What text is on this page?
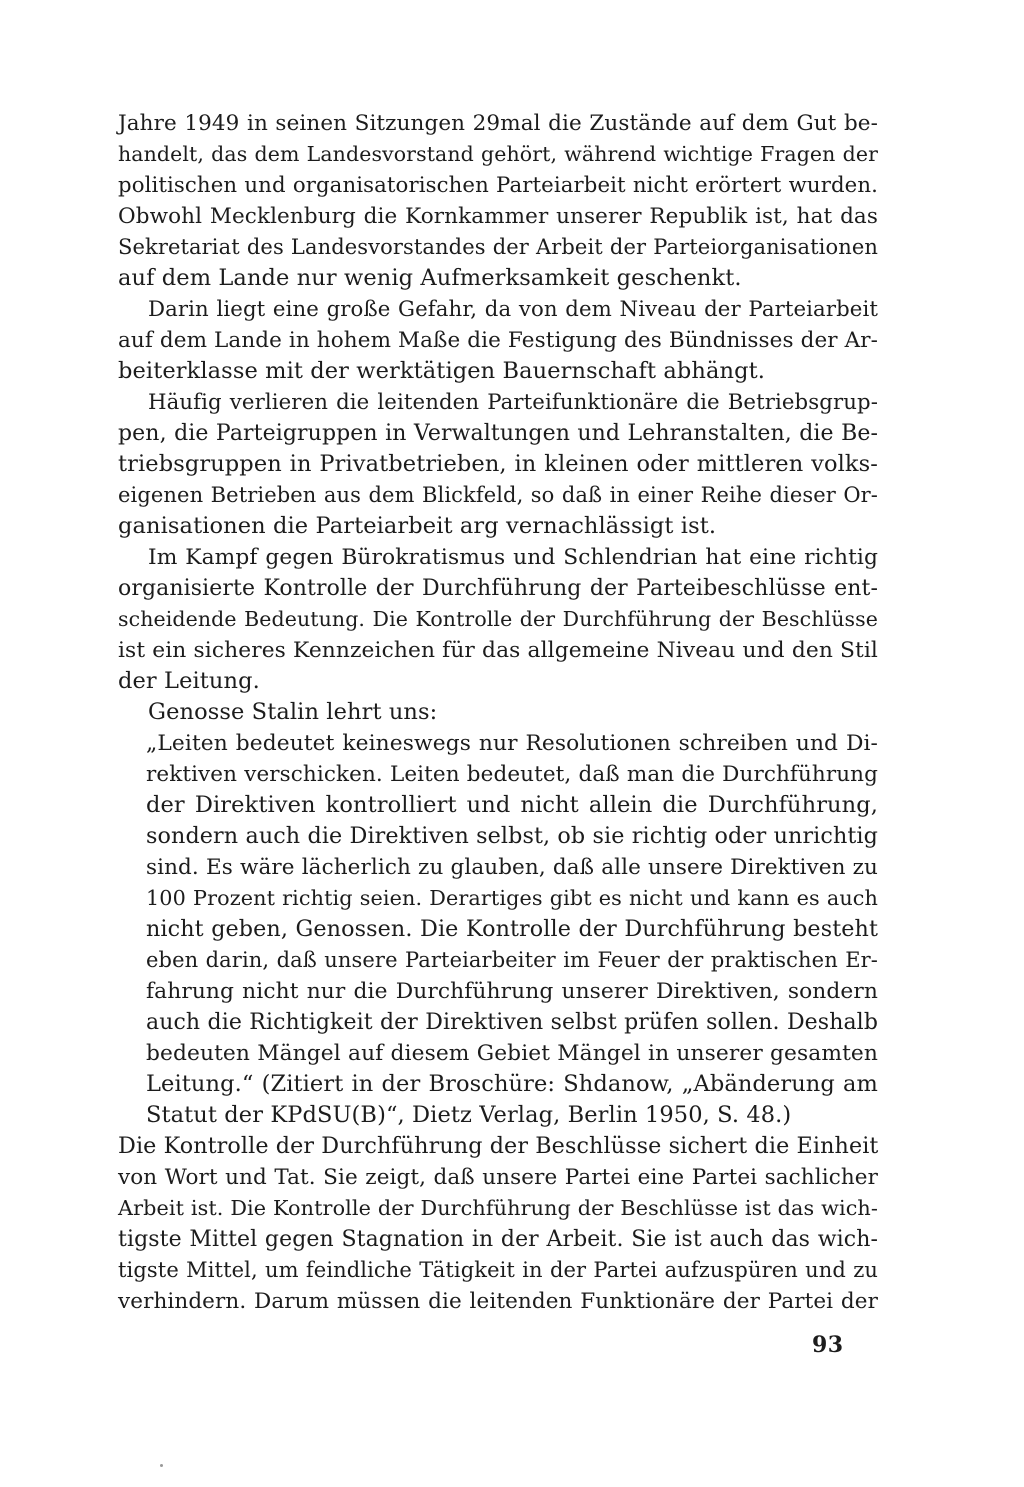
Jahre 1949 in seinen Sitzungen 29mal die Zustände auf dem Gut be-
handelt, das dem Landesvorstand gehört, während wichtige Fragen der
politischen und organisatorischen Parteiarbeit nicht erörtert wurden.
Obwohl Mecklenburg die Kornkammer unserer Republik ist, hat das
Sekretariat des Landesvorstandes der Arbeit der Parteiorganisationen
auf dem Lande nur wenig Aufmerksamkeit geschenkt.
Darin liegt eine große Gefahr, da von dem Niveau der Parteiarbeit
auf dem Lande in hohem Maße die Festigung des Bündnisses der Ar-
beiterklasse mit der werktätigen Bauernschaft abhängt.
Häufig verlieren die leitenden Parteifunktionäre die Betriebsgrup-
pen, die Parteigruppen in Verwaltungen und Lehranstalten, die Be-
triebsgruppen in Privatbetrieben, in kleinen oder mittleren volks-
eigenen Betrieben aus dem Blickfeld, so daß in einer Reihe dieser Or-
ganisationen die Parteiarbeit arg vernachlässigt ist.
Im Kampf gegen Bürokratismus und Schlendrian hat eine richtig
organisierte Kontrolle der Durchführung der Parteibeschlüsse ent-
scheidende Bedeutung. Die Kontrolle der Durchführung der Beschlüsse
ist ein sicheres Kennzeichen für das allgemeine Niveau und den Stil
der Leitung.
Genosse Stalin lehrt uns:
„Leiten bedeutet keineswegs nur Resolutionen schreiben und Di-
rektiven verschicken. Leiten bedeutet, daß man die Durchführung
der Direktiven kontrolliert und nicht allein die Durchführung,
sondern auch die Direktiven selbst, ob sie richtig oder unrichtig
sind. Es wäre lächerlich zu glauben, daß alle unsere Direktiven zu
100 Prozent richtig seien. Derartiges gibt es nicht und kann es auch
nicht geben, Genossen. Die Kontrolle der Durchführung besteht
eben darin, daß unsere Parteiarbeiter im Feuer der praktischen Er-
fahrung nicht nur die Durchführung unserer Direktiven, sondern
auch die Richtigkeit der Direktiven selbst prüfen sollen. Deshalb
bedeuten Mängel auf diesem Gebiet Mängel in unserer gesamten
Leitung.“ (Zitiert in der Broschüre: Shdanow, „Abänderung am
Statut der KPdSU(B)“, Dietz Verlag, Berlin 1950, S. 48.)
Die Kontrolle der Durchführung der Beschlüsse sichert die Einheit
von Wort und Tat. Sie zeigt, daß unsere Partei eine Partei sachlicher
Arbeit ist. Die Kontrolle der Durchführung der Beschlüsse ist das wich-
tigste Mittel gegen Stagnation in der Arbeit. Sie ist auch das wich-
tigste Mittel, um feindliche Tätigkeit in der Partei aufzuspüren und zu
verhindern. Darum müssen die leitenden Funktionäre der Partei der
93
